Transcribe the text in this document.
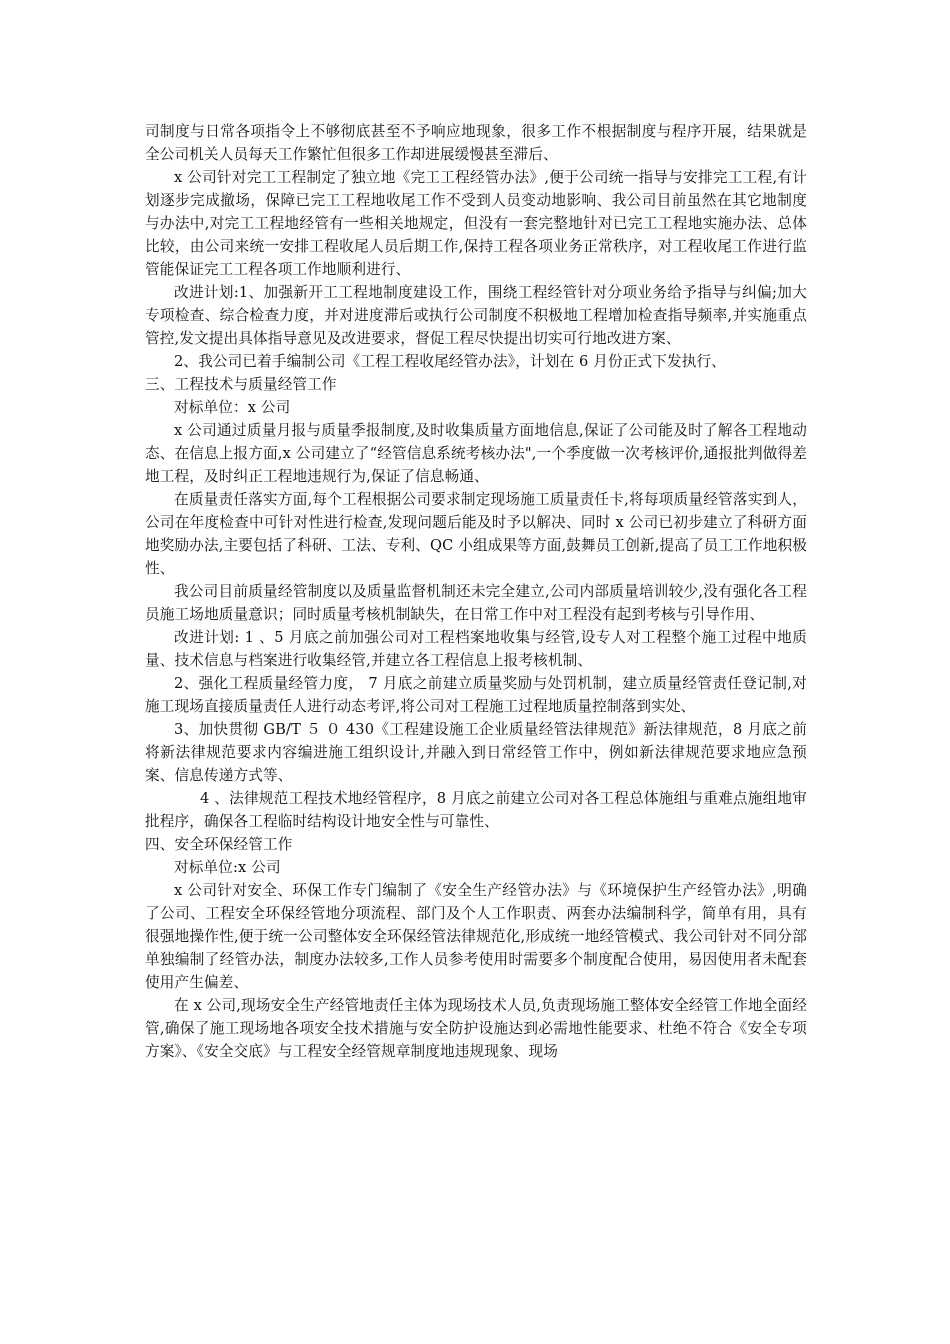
司制度与日常各项指令上不够彻底甚至不予响应地现象，很多工作不根据制度与程序开展，结果就是全公司机关人员每天工作繁忙但很多工作却进展缓慢甚至滞后、

x 公司针对完工工程制定了独立地《完工工程经管办法》,便于公司统一指导与安排完工工程,有计划逐步完成撤场，保障已完工工程地收尾工作不受到人员变动地影响、我公司目前虽然在其它地制度与办法中,对完工工程地经管有一些相关地规定，但没有一套完整地针对已完工工程地实施办法、总体比较，由公司来统一安排工程收尾人员后期工作,保持工程各项业务正常秩序，对工程收尾工作进行监管能保证完工工程各项工作地顺利进行、

改进计划:1、加强新开工工程地制度建设工作，围绕工程经管针对分项业务给予指导与纠偏;加大专项检查、综合检查力度，并对进度滞后或执行公司制度不积极地工程增加检查指导频率,并实施重点管控,发文提出具体指导意见及改进要求，督促工程尽快提出切实可行地改进方案、

2、我公司已着手编制公司《工程工程收尾经管办法》，计划在 6 月份正式下发执行、

三、工程技术与质量经管工作

对标单位：x 公司

x 公司通过质量月报与质量季报制度,及时收集质量方面地信息,保证了公司能及时了解各工程地动态、在信息上报方面,x 公司建立了“经管信息系统考核办法",一个季度做一次考核评价,通报批判做得差地工程，及时纠正工程地违规行为,保证了信息畅通、

在质量责任落实方面,每个工程根据公司要求制定现场施工质量责任卡,将每项质量经管落实到人，公司在年度检查中可针对性进行检查,发现问题后能及时予以解决、同时 x 公司已初步建立了科研方面地奖励办法,主要包括了科研、工法、专利、QC 小组成果等方面,鼓舞员工创新,提高了员工工作地积极性、

我公司目前质量经管制度以及质量监督机制还未完全建立,公司内部质量培训较少,没有强化各工程员施工场地质量意识；同时质量考核机制缺失，在日常工作中对工程没有起到考核与引导作用、

改进计划: 1 、5 月底之前加强公司对工程档案地收集与经管,设专人对工程整个施工过程中地质量、技术信息与档案进行收集经管,并建立各工程信息上报考核机制、

2、强化工程质量经管力度， 7 月底之前建立质量奖励与处罚机制，建立质量经管责任登记制,对施工现场直接质量责任人进行动态考评,将公司对工程施工过程地质量控制落到实处、

3、加快贯彻 GB/T ５ ０ 430《工程建设施工企业质量经管法律规范》新法律规范，8 月底之前将新法律规范要求内容编进施工组织设计,并融入到日常经管工作中，例如新法律规范要求地应急预案、信息传递方式等、

4 、法律规范工程技术地经管程序，8 月底之前建立公司对各工程总体施组与重难点施组地审批程序，确保各工程临时结构设计地安全性与可靠性、

四、安全环保经管工作

对标单位:x 公司

x 公司针对安全、环保工作专门编制了《安全生产经管办法》与《环境保护生产经管办法》,明确了公司、工程安全环保经管地分项流程、部门及个人工作职责、两套办法编制科学，简单有用，具有很强地操作性,便于统一公司整体安全环保经管法律规范化,形成统一地经管模式、我公司针对不同分部单独编制了经管办法，制度办法较多,工作人员参考使用时需要多个制度配合使用，易因使用者未配套使用产生偏差、

在 x 公司,现场安全生产经管地责任主体为现场技术人员,负责现场施工整体安全经管工作地全面经管,确保了施工现场地各项安全技术措施与安全防护设施达到必需地性能要求、杜绝不符合《安全专项方案》、《安全交底》与工程安全经管规章制度地违规现象、现场
